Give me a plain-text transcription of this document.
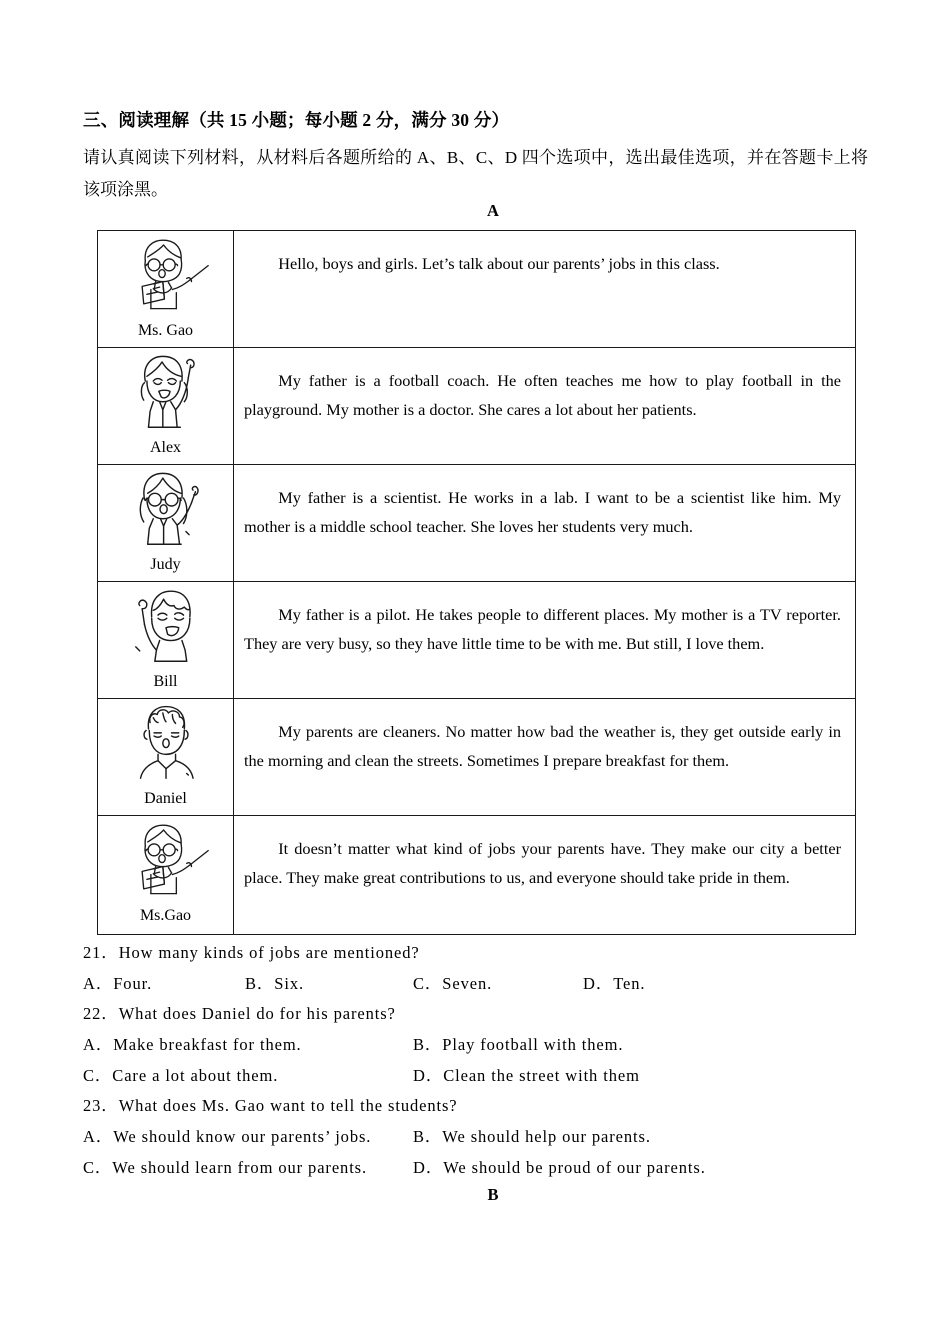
三、阅读理解（共 15 小题；每小题 2 分，满分 30 分）
请认真阅读下列材料，从材料后各题所给的 A、B、C、D 四个选项中，选出最佳选项，并在答题卡上将该项涂黑。
A
Ms. Gao	Hello, boys and girls. Let’s talk about our parents’ jobs in this class.

Alex	My father is a football coach. He often teaches me how to play football in the playground. My mother is a doctor. She cares a lot about her patients.

Judy	My father is a scientist. He works in a lab. I want to be a scientist like him. My mother is a middle school teacher. She loves her students very much.

Bill	My father is a pilot. He takes people to different places. My mother is a TV reporter. They are very busy, so they have little time to be with me. But still, I love them.

Daniel	My parents are cleaners. No matter how bad the weather is, they get outside early in the morning and clean the streets. Sometimes I prepare breakfast for them.

Ms.Gao	It doesn’t matter what kind of jobs your parents have. They make our city a better place. They make great contributions to us, and everyone should take pride in them.
21．How many kinds of jobs are mentioned?
A．Four.	B．Six.	C．Seven.	D．Ten.
22．What does Daniel do for his parents?
A．Make breakfast for them.	B．Play football with them.
C．Care a lot about them.	D．Clean the street with them
23．What does Ms. Gao want to tell the students?
A．We should know our parents’ jobs.	B．We should help our parents.
C．We should learn from our parents.	D．We should be proud of our parents.
B
